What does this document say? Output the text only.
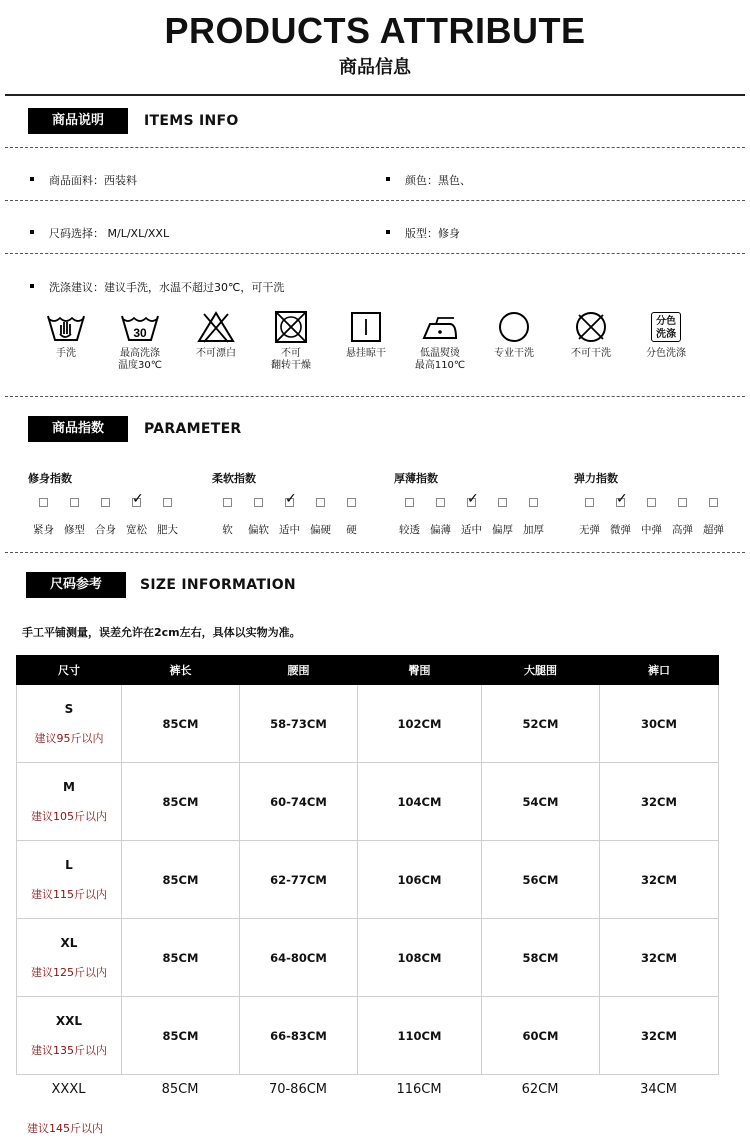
PRODUCTS ATTRIBUTE
商品信息
商品说明	ITEMS INFO
商品面料：西装料	颜色：黑色、
尺码选择： M/L/XL/XXL	版型：修身
洗涤建议：建议手洗，水温不超过30℃，可干洗
手洗
30
最高洗涤
温度30℃
不可漂白	不可
翻转干燥
悬挂晾干	低温熨烫
最高110℃
专业干洗	不可干洗
分色
洗涤
分色洗涤
商品指数	PARAMETER
修身指数
紧身 修型 合身
✓ 宽松 肥大
柔软指数
软	偏软
✓ 适中 偏硬	硬
厚薄指数
较透 偏薄
✓ 适中 偏厚 加厚
弹力指数
无弹
✓ 微弹 中弹 高弹 超弹
尺码参考	SIZE INFORMATION
手工平铺测量，误差允许在2cm左右，具体以实物为准。
尺寸	裤长	腰围	臀围	大腿围	裤口

S
建议95斤以内	85CM	58-73CM	102CM	52CM	30CM

M
建议105斤以内	85CM	60-74CM	104CM	54CM	32CM

L
建议115斤以内	85CM	62-77CM	106CM	56CM	32CM

XL
建议125斤以内	85CM	64-80CM	108CM	58CM	32CM

XXL
建议135斤以内	85CM	66-83CM	110CM	60CM	32CM
XXXL	85CM	70-86CM	116CM	62CM	34CM
建议145斤以内
